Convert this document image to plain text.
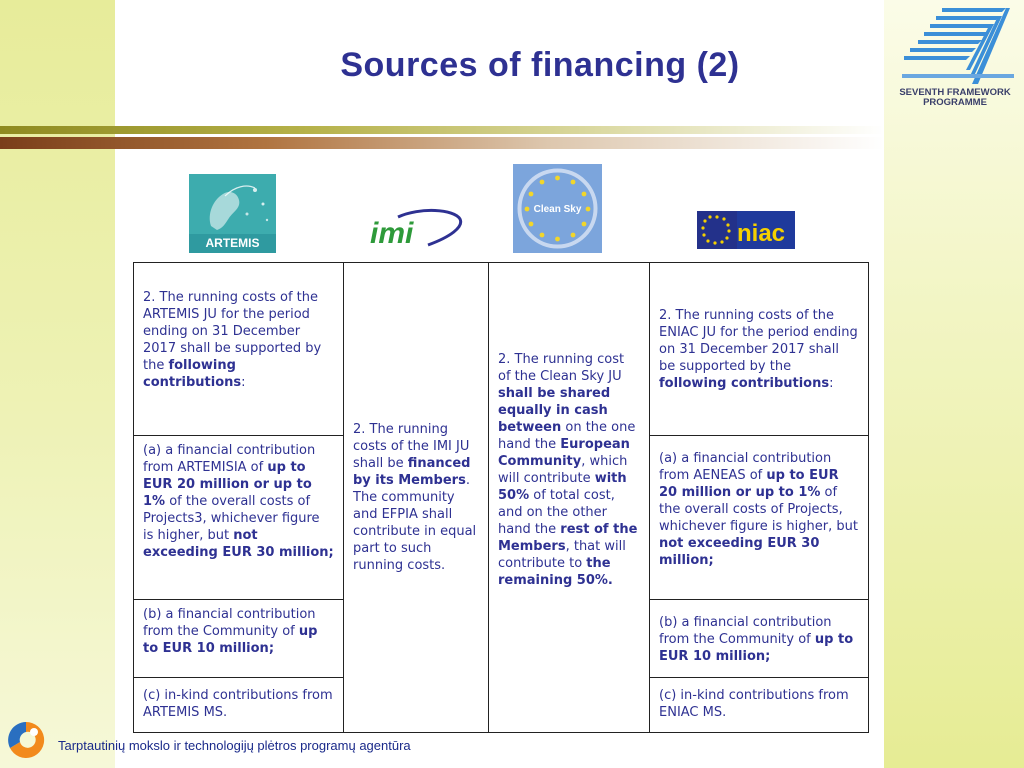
Sources of financing (2)
SEVENTH FRAMEWORK
PROGRAMME
ARTEMIS	imi
Clean Sky
niac
2. The running costs of the ARTEMIS JU for the period ending on 31 December 2017 shall be supported by the following contributions:	2. The running costs of the IMI JU shall be financed by its Members. The community and EFPIA shall contribute in equal part to such running costs.	2. The running cost of the Clean Sky JU shall be shared equally in cash between on the one hand the European Community, which will contribute with 50% of total cost, and on the other hand the rest of the Members, that will contribute to the remaining 50%.	2. The running costs of the ENIAC JU for the period ending on 31 December 2017 shall be supported by the following contributions:
(a) a financial contribution from ARTEMISIA of up to EUR 20 million or up to 1% of the overall costs of Projects3, whichever figure is higher, but not exceeding EUR 30 million;			(a) a financial contribution from AENEAS of up to EUR 20 million or up to 1% of the overall costs of Projects, whichever figure is higher, but not exceeding EUR 30 million;
(b) a financial contribution from the Community of up to EUR 10 million;			(b) a financial contribution from the Community of up to EUR 10 million;
(c) in-kind contributions from ARTEMIS MS.			(c) in-kind contributions from ENIAC MS.
Tarptautinių mokslo ir technologijų plėtros programų agentūra
